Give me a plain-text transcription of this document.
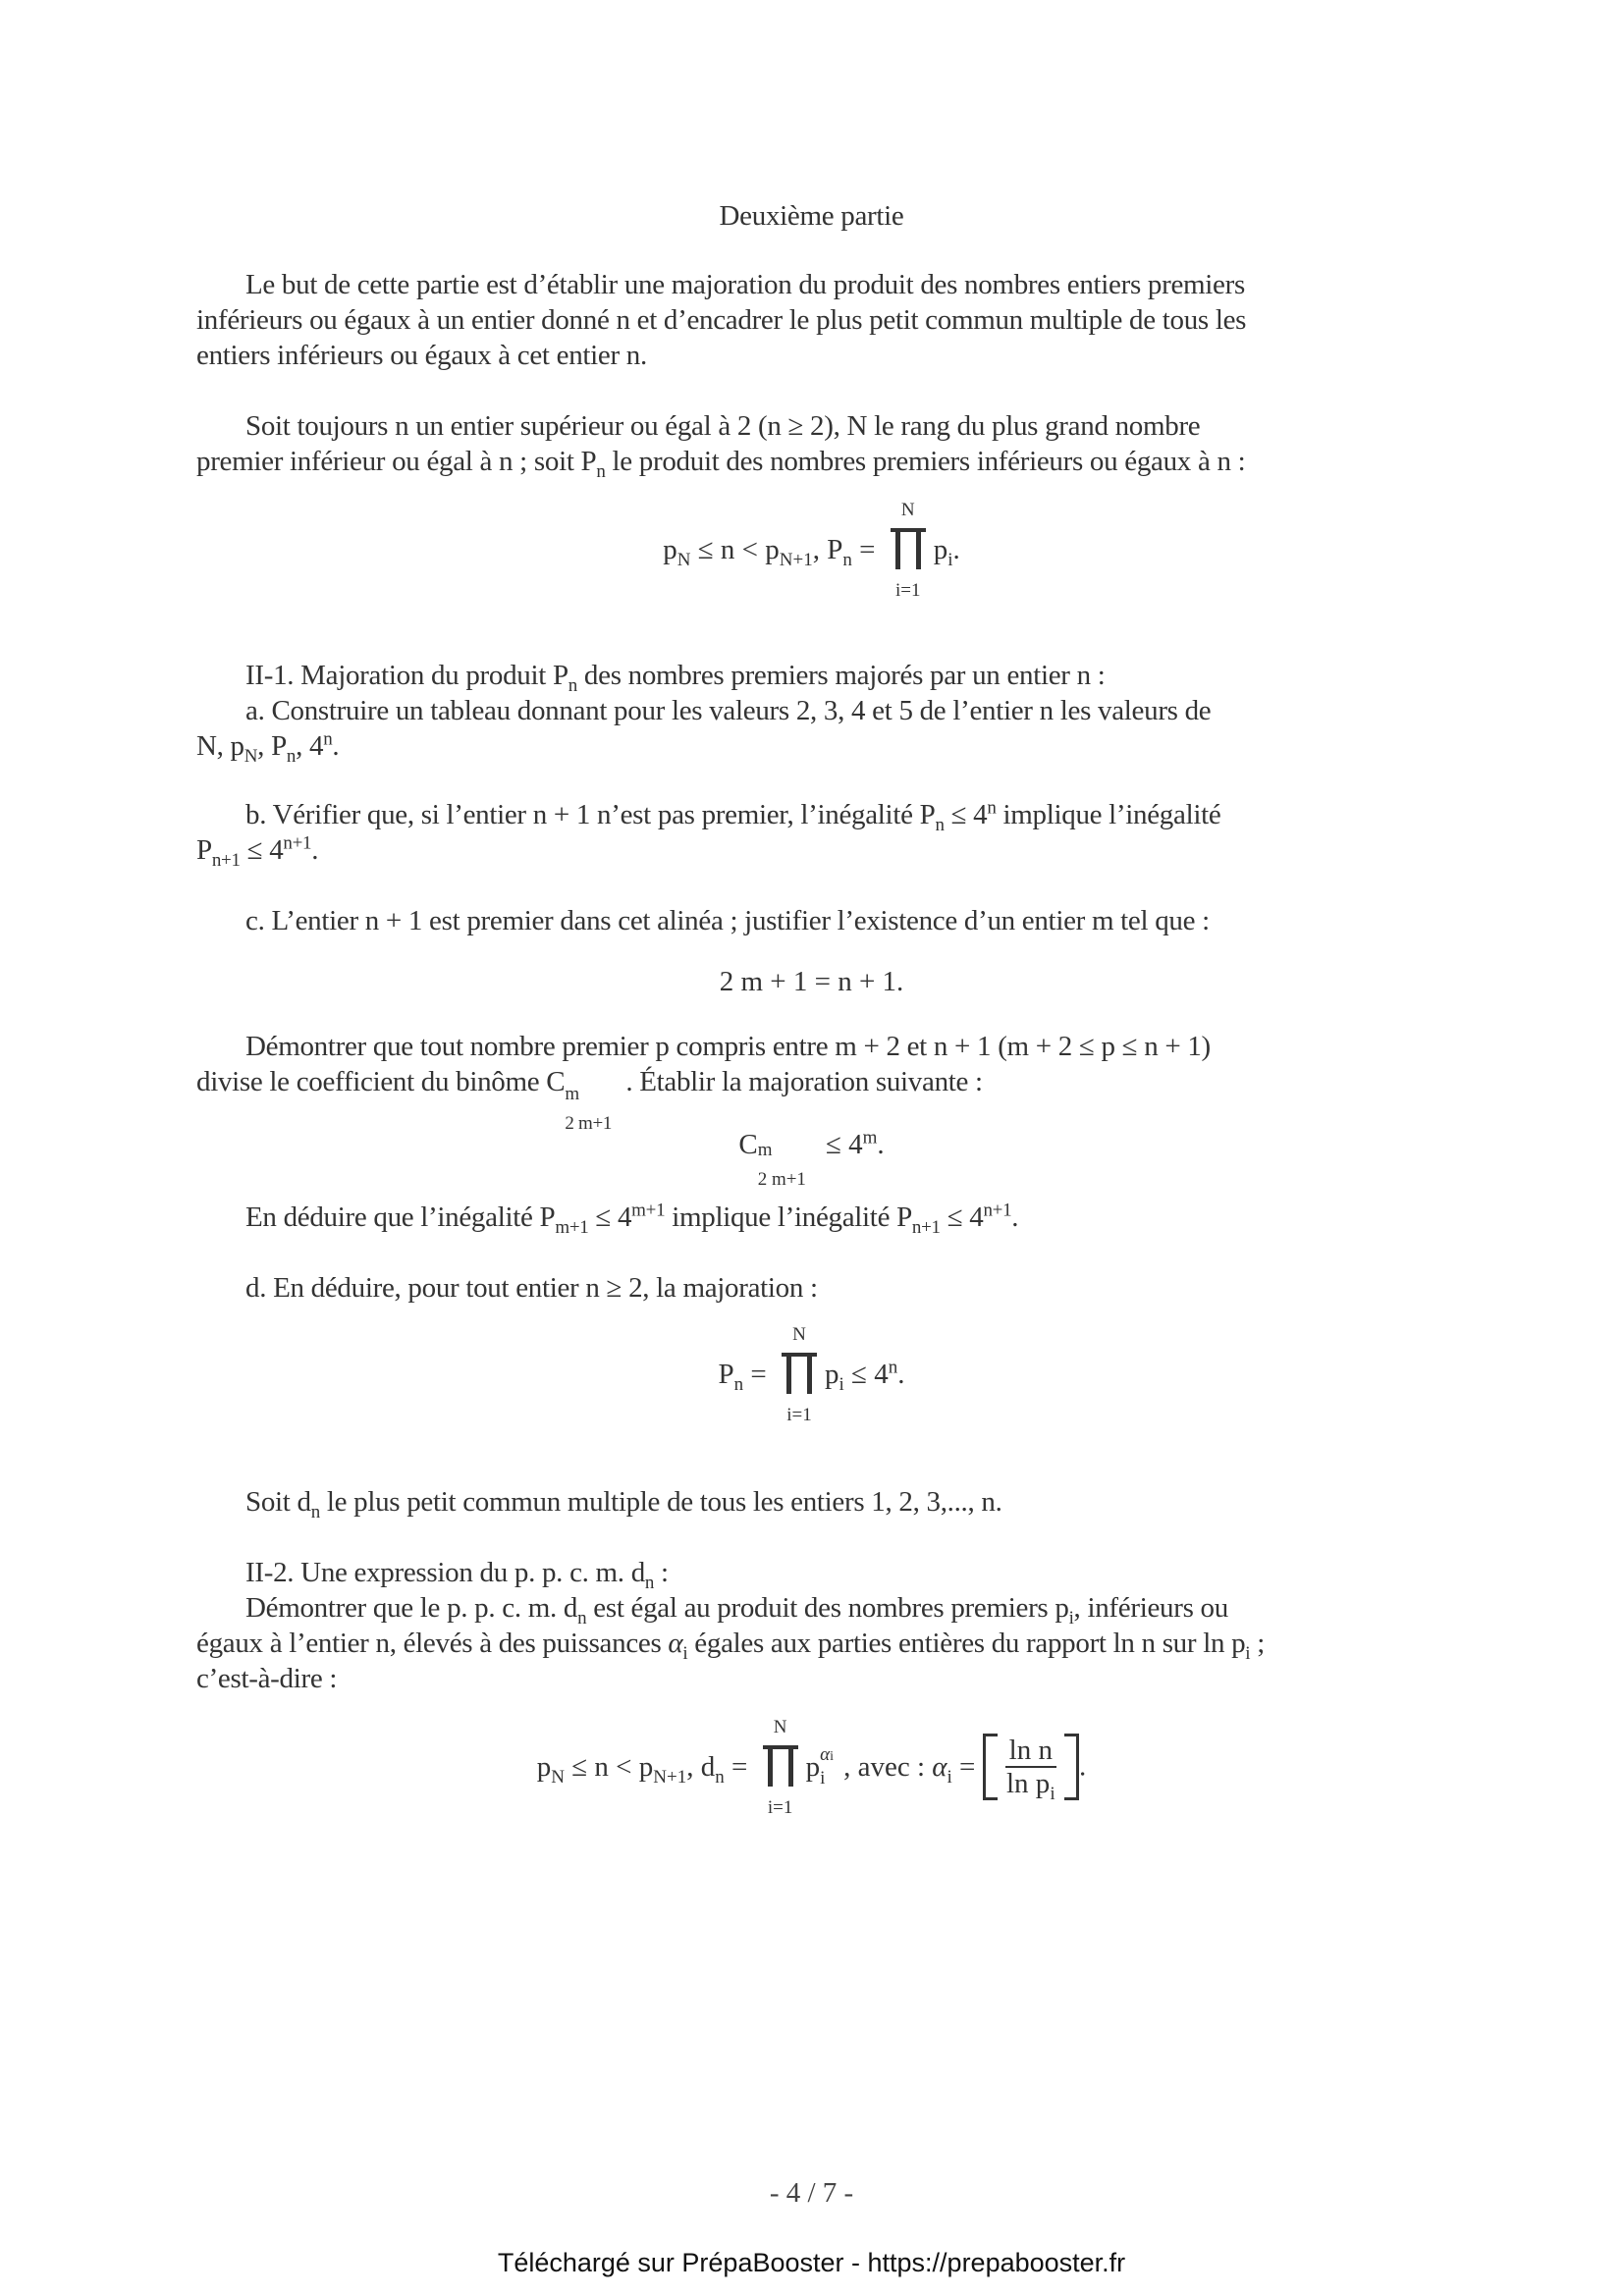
Deuxième partie
Le but de cette partie est d’établir une majoration du produit des nombres entiers premiers
inférieurs ou égaux à un entier donné n et d’encadrer le plus petit commun multiple de tous les
entiers inférieurs ou égaux à cet entier n.
Soit toujours n un entier supérieur ou égal à 2 (n ≥ 2), N le rang du plus grand nombre
premier inférieur ou égal à n ; soit $P_n$ le produit des nombres premiers inférieurs ou égaux à n :
$p_N \le n < p_{N+1}$, $P_n$ =
N
i=1
$p_i$.
II-1. Majoration du produit $P_n$ des nombres premiers majorés par un entier n :
a. Construire un tableau donnant pour les valeurs 2, 3, 4 et 5 de l’entier n les valeurs de
N, $p_N$, $P_n$, 4$^n$.
b. Vérifier que, si l’entier n + 1 n’est pas premier, l’inégalité $P_n \le 4^n$ implique l’inégalité
$P_{n+1} \le 4^{n+1}$.
c. L’entier n + 1 est premier dans cet alinéa ; justifier l’existence d’un entier m tel que :
2 m + 1 = n + 1.
Démontrer que tout nombre premier p compris entre m + 2 et n + 1 (m + 2 ≤ p ≤ n + 1)
divise le coefficient du binôme C m
2 m+1
. Établir la majoration suivante :
C m
2 m+1
≤ $4^m$.
En déduire que l’inégalité $P_{m+1} \le 4^{m+1}$ implique l’inégalité $P_{n+1} \le 4^{n+1}$.
d. En déduire, pour tout entier n ≥ 2, la majoration :
$P_n$ =
N
i=1
$p_i \le 4^n$.
Soit $d_n$ le plus petit commun multiple de tous les entiers 1, 2, 3,..., n.
II-2. Une expression du p. p. c. m. $d_n$ :
Démontrer que le p. p. c. m. $d_n$ est égal au produit des nombres premiers $p_i$, inférieurs ou
égaux à l’entier n, élevés à des puissances $\alpha_i$ égales aux parties entières du rapport ln n sur $\ln p_i$ ;
c’est-à-dire :
$p_N \le n < p_{N+1}$, $d_n$ =
N
i=1
p αi
i , avec : $\alpha_i = \frac{\text{ln n}}{\ln p_i}$ .
- 4 / 7 -
Téléchargé sur PrépaBooster - https://prepabooster.fr
